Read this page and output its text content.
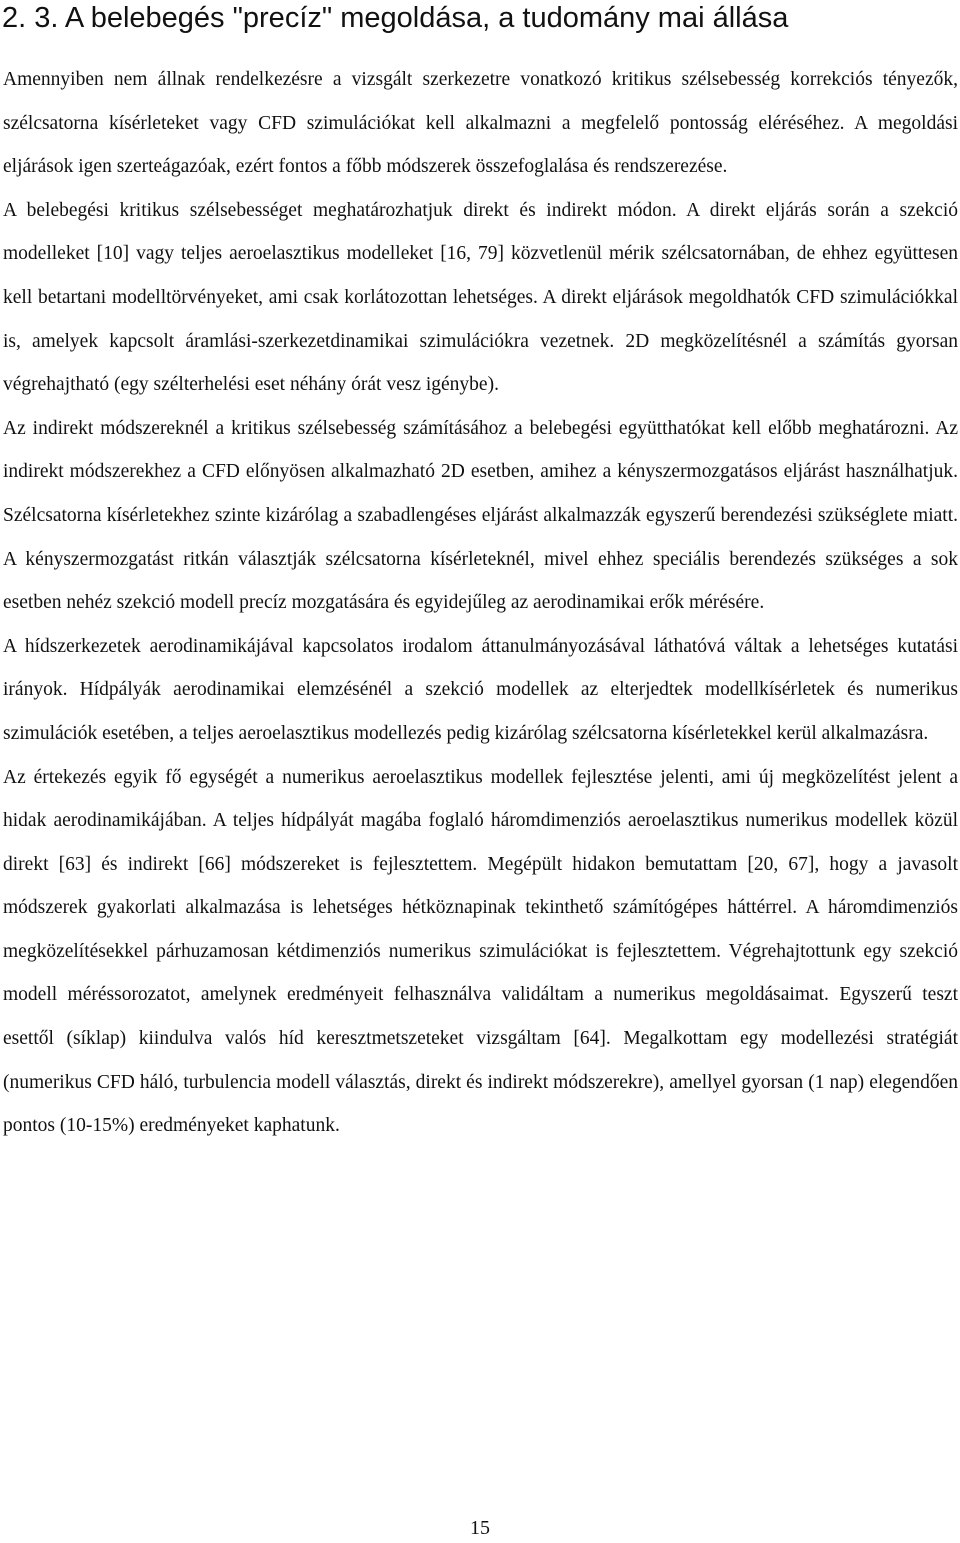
2. 3. A belebegés "precíz" megoldása, a tudomány mai állása

Amennyiben nem állnak rendelkezésre a vizsgált szerkezetre vonatkozó kritikus szélsebesség korrekciós tényezők, szélcsatorna kísérleteket vagy CFD szimulációkat kell alkalmazni a megfelelő pontosság eléréséhez. A megoldási eljárások igen szerteágazóak, ezért fontos a főbb módszerek összefoglalása és rendszerezése.

A belebegési kritikus szélsebességet meghatározhatjuk direkt és indirekt módon. A direkt eljárás során a szekció modelleket [10] vagy teljes aeroelasztikus modelleket [16, 79] közvetlenül mérik szélcsatornában, de ehhez együttesen kell betartani modelltörvényeket, ami csak korlátozottan lehetséges. A direkt eljárások megoldhatók CFD szimulációkkal is, amelyek kapcsolt áramlási-szerkezetdinamikai szimulációkra vezetnek. 2D megközelítésnél a számítás gyorsan végrehajtható (egy szélterhelési eset néhány órát vesz igénybe).

Az indirekt módszereknél a kritikus szélsebesség számításához a belebegési együtthatókat kell előbb meghatározni. Az indirekt módszerekhez a CFD előnyösen alkalmazható 2D esetben, amihez a kényszermozgatásos eljárást használhatjuk. Szélcsatorna kísérletekhez szinte kizárólag a szabadlengéses eljárást alkalmazzák egyszerű berendezési szükséglete miatt. A kényszermozgatást ritkán választják szélcsatorna kísérleteknél, mivel ehhez speciális berendezés szükséges a sok esetben nehéz szekció modell precíz mozgatására és egyidejűleg az aerodinamikai erők mérésére.

A hídszerkezetek aerodinamikájával kapcsolatos irodalom áttanulmányozásával láthatóvá váltak a lehetséges kutatási irányok. Hídpályák aerodinamikai elemzésénél a szekció modellek az elterjedtek modellkísérletek és numerikus szimulációk esetében, a teljes aeroelasztikus modellezés pedig kizárólag szélcsatorna kísérletekkel kerül alkalmazásra.

Az értekezés egyik fő egységét a numerikus aeroelasztikus modellek fejlesztése jelenti, ami új megközelítést jelent a hidak aerodinamikájában. A teljes hídpályát magába foglaló háromdimenziós aeroelasztikus numerikus modellek közül direkt [63] és indirekt [66] módszereket is fejlesztettem. Megépült hidakon bemutattam [20, 67], hogy a javasolt módszerek gyakorlati alkalmazása is lehetséges hétköznapinak tekinthető számítógépes háttérrel. A háromdimenziós megközelítésekkel párhuzamosan kétdimenziós numerikus szimulációkat is fejlesztettem. Végrehajtottunk egy szekció modell méréssorozatot, amelynek eredményeit felhasználva validáltam a numerikus megoldásaimat. Egyszerű teszt esettől (síklap) kiindulva valós híd keresztmetszeteket vizsgáltam [64]. Megalkottam egy modellezési stratégiát (numerikus CFD háló, turbulencia modell választás, direkt és indirekt módszerekre), amellyel gyorsan (1 nap) elegendően pontos (10-15%) eredményeket kaphatunk.

15
